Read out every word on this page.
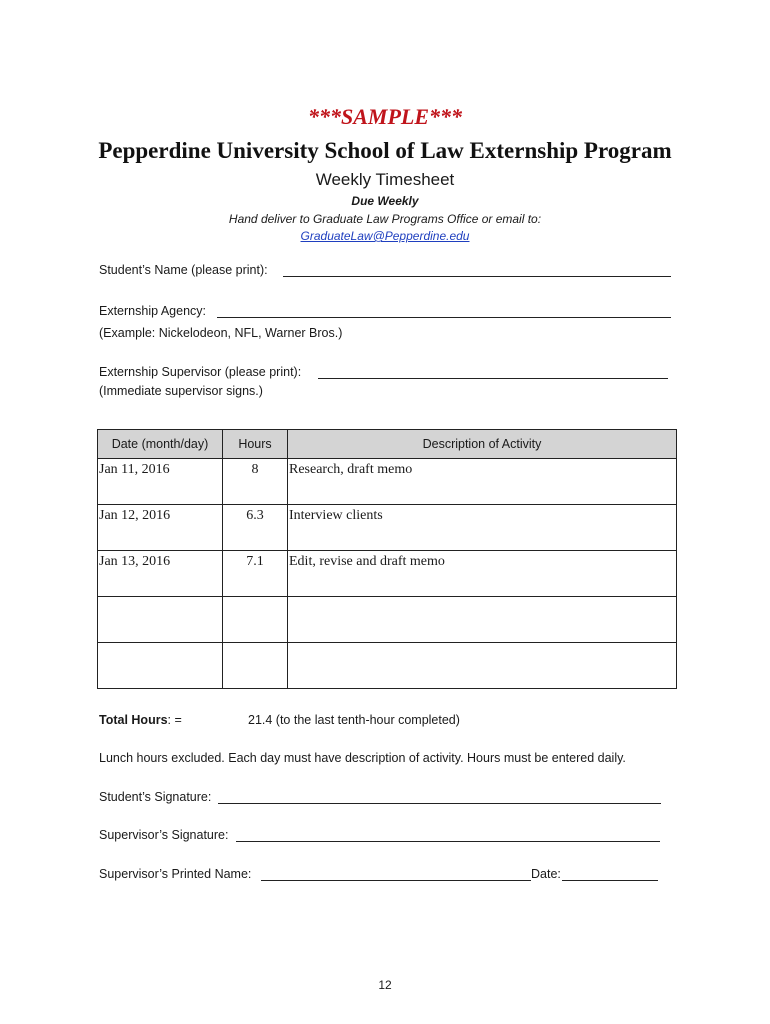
***SAMPLE***
Pepperdine University School of Law Externship Program
Weekly Timesheet
Due Weekly
Hand deliver to Graduate Law Programs Office or email to:
GraduateLaw@Pepperdine.edu
Student’s Name (please print):
Externship Agency:
(Example: Nickelodeon, NFL, Warner Bros.)
Externship Supervisor (please print):
(Immediate supervisor signs.)
Date (month/day)	Hours	Description of Activity
Jan 11, 2016	8	Research, draft memo
Jan 12, 2016	6.3	Interview clients
Jan 13, 2016	7.1	Edit, revise and draft memo

Total Hours: =	21.4 (to the last tenth-hour completed)
Lunch hours excluded. Each day must have description of activity. Hours must be entered daily.
Student’s Signature:
Supervisor’s Signature:
Supervisor’s Printed Name:	Date:
12
